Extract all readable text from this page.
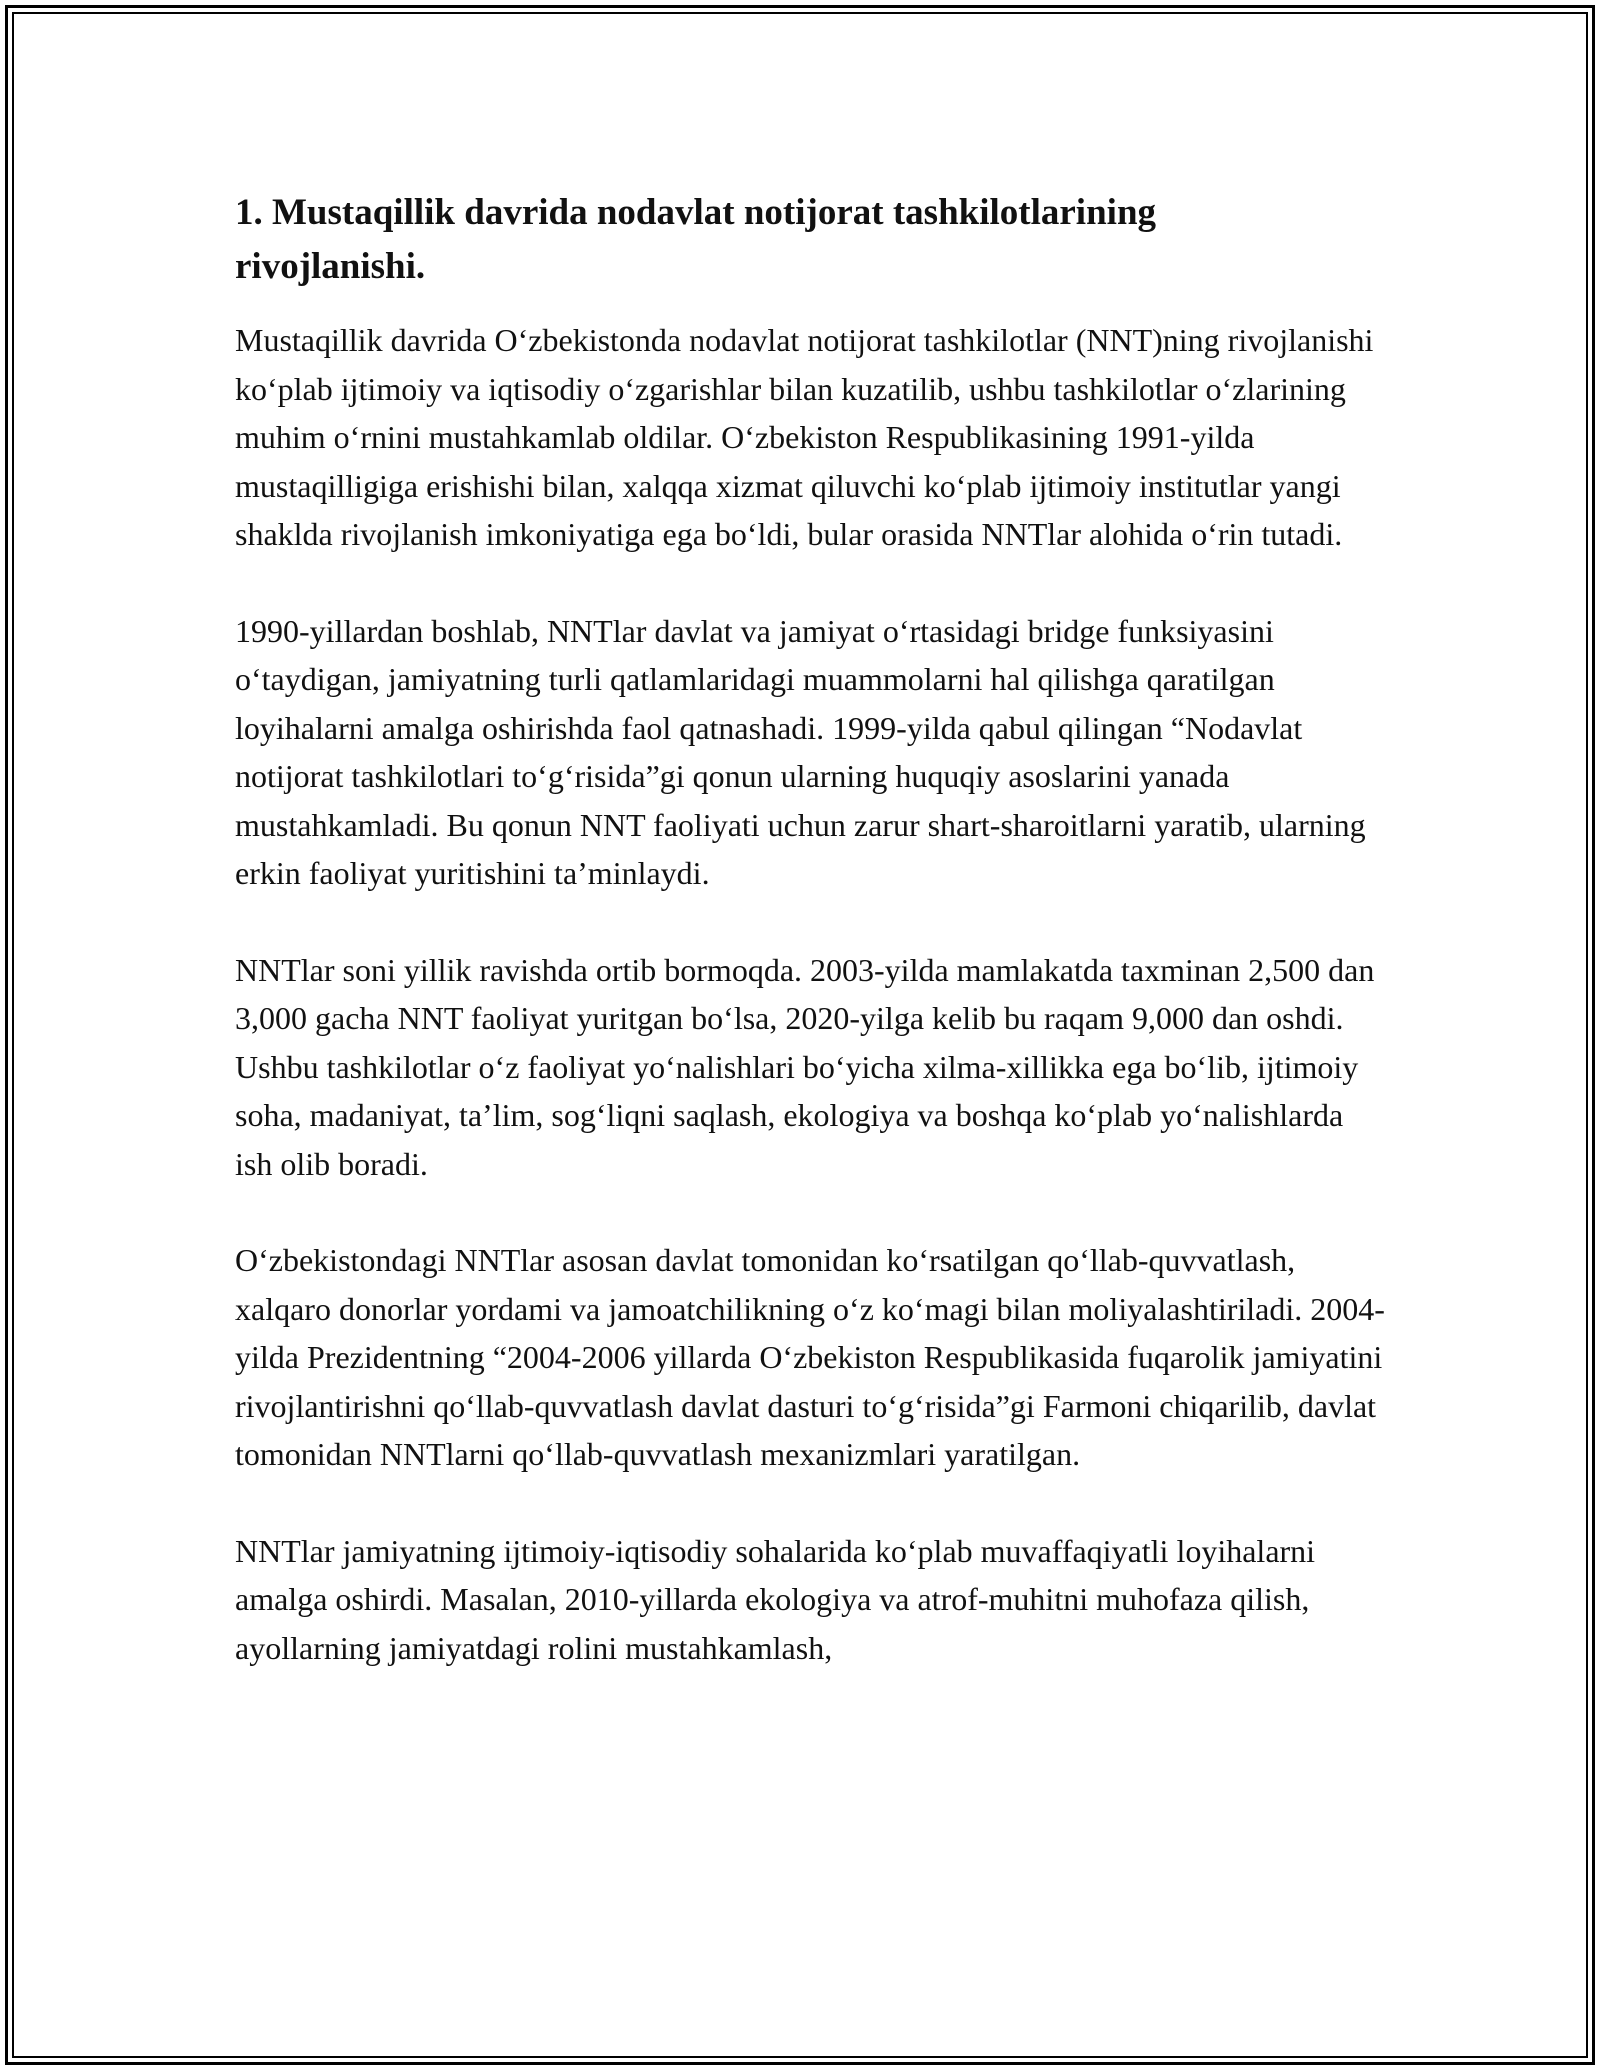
1. Mustaqillik davrida nodavlat notijorat tashkilotlarining rivojlanishi.

Mustaqillik davrida O‘zbekistonda nodavlat notijorat tashkilotlar (NNT)ning rivojlanishi ko‘plab ijtimoiy va iqtisodiy o‘zgarishlar bilan kuzatilib, ushbu tashkilotlar o‘zlarining muhim o‘rnini mustahkamlab oldilar. O‘zbekiston Respublikasining 1991-yilda mustaqilligiga erishishi bilan, xalqqa xizmat qiluvchi ko‘plab ijtimoiy institutlar yangi shaklda rivojlanish imkoniyatiga ega bo‘ldi, bular orasida NNTlar alohida o‘rin tutadi.

1990-yillardan boshlab, NNTlar davlat va jamiyat o‘rtasidagi bridge funksiyasini o‘taydigan, jamiyatning turli qatlamlaridagi muammolarni hal qilishga qaratilgan loyihalarni amalga oshirishda faol qatnashadi. 1999-yilda qabul qilingan “Nodavlat notijorat tashkilotlari to‘g‘risida”gi qonun ularning huquqiy asoslarini yanada mustahkamladi. Bu qonun NNT faoliyati uchun zarur shart-sharoitlarni yaratib, ularning erkin faoliyat yuritishini ta’minlaydi.

NNTlar soni yillik ravishda ortib bormoqda. 2003-yilda mamlakatda taxminan 2,500 dan 3,000 gacha NNT faoliyat yuritgan bo‘lsa, 2020-yilga kelib bu raqam 9,000 dan oshdi. Ushbu tashkilotlar o‘z faoliyat yo‘nalishlari bo‘yicha xilma-xillikka ega bo‘lib, ijtimoiy soha, madaniyat, ta’lim, sog‘liqni saqlash, ekologiya va boshqa ko‘plab yo‘nalishlarda ish olib boradi.

O‘zbekistondagi NNTlar asosan davlat tomonidan ko‘rsatilgan qo‘llab-quvvatlash, xalqaro donorlar yordami va jamoatchilikning o‘z ko‘magi bilan moliyalashtiriladi. 2004-yilda Prezidentning “2004-2006 yillarda O‘zbekiston Respublikasida fuqarolik jamiyatini rivojlantirishni qo‘llab-quvvatlash davlat dasturi to‘g‘risida”gi Farmoni chiqarilib, davlat tomonidan NNTlarni qo‘llab-quvvatlash mexanizmlari yaratilgan.

NNTlar jamiyatning ijtimoiy-iqtisodiy sohalarida ko‘plab muvaffaqiyatli loyihalarni amalga oshirdi. Masalan, 2010-yillarda ekologiya va atrof-muhitni muhofaza qilish, ayollarning jamiyatdagi rolini mustahkamlash,
